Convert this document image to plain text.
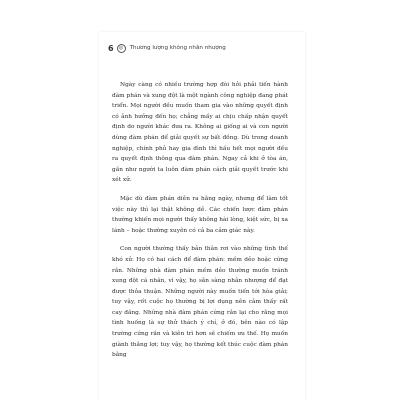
6	◎	Thương lượng không nhân nhượng

Ngày càng có nhiều trường hợp đòi hỏi phải tiến hành đàm phán và xung đột là một ngành công nghiệp đang phát triển. Mọi người đều muốn tham gia vào những quyết định có ảnh hưởng đến họ; chẳng mấy ai chịu chấp nhận quyết định do người khác đưa ra. Không ai giống ai và con người dùng đàm phán để giải quyết sự bất đồng. Dù trong doanh nghiệp, chính phủ hay gia đình thì hầu hết mọi người đều ra quyết định thông qua đàm phán. Ngay cả khi ở tòa án, gần như người ta luôn đàm phán cách giải quyết trước khi xét xử.

Mặc dù đàm phán diễn ra hằng ngày, nhưng để làm tốt việc này thì lại thật không dễ. Các chiến lược đàm phán thường khiến mọi người thấy không hài lòng, kiệt sức, bị xa lánh – hoặc thường xuyên có cả ba cảm giác này.

Con người thường thấy bản thân rơi vào những tình thế khó xử. Họ có hai cách để đàm phán: mềm dẻo hoặc cứng rắn. Những nhà đàm phán mềm dẻo thường muốn tránh xung đột cá nhân, vì vậy, họ sẵn sàng nhân nhượng để đạt được thỏa thuận. Những người này muốn tiến tới hòa giải; tuy vậy, rốt cuộc họ thường bị lợi dụng nên cảm thấy rất cay đắng. Những nhà đàm phán cứng rắn lại cho rằng mọi tình huống là sự thử thách ý chí, ở đó, bên nào có lập trường cứng rắn và kiên trì hơn sẽ chiếm ưu thế. Họ muốn giành thắng lợi; tuy vậy, họ thường kết thúc cuộc đàm phán bằng
